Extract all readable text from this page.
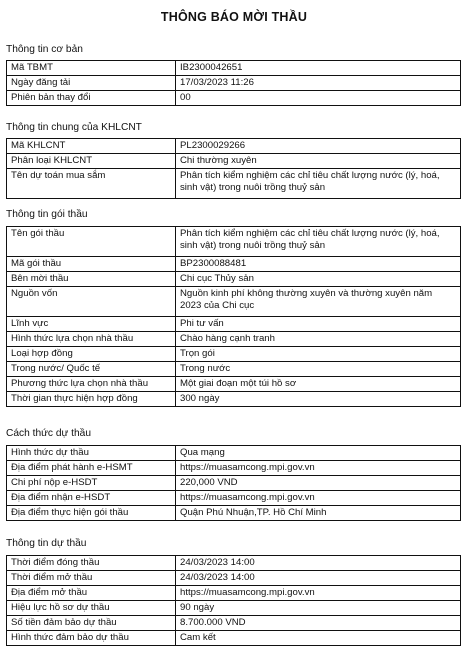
THÔNG BÁO MỜI THẦU
Thông tin cơ bản
Mã TBMT	IB2300042651
Ngày đăng tải	17/03/2023 11:26
Phiên bản thay đổi	00
Thông tin chung của KHLCNT
Mã KHLCNT	PL2300029266
Phân loại KHLCNT	Chi thường xuyên
Tên dự toán mua sắm	Phân tích kiểm nghiệm các chỉ tiêu chất lượng nước (lý, hoá, sinh vật) trong nuôi trồng thuỷ sản
Thông tin gói thầu
Tên gói thầu	Phân tích kiểm nghiệm các chỉ tiêu chất lượng nước (lý, hoá, sinh vật) trong nuôi trồng thuỷ sản
Mã gói thầu	BP2300088481
Bên mời thầu	Chi cục Thủy sản
Nguồn vốn	Nguồn kinh phí không thường xuyên và thường xuyên năm 2023 của Chi cục
Lĩnh vực	Phi tư vấn
Hình thức lựa chọn nhà thầu	Chào hàng cạnh tranh
Loại hợp đồng	Trọn gói
Trong nước/ Quốc tế	Trong nước
Phương thức lựa chọn nhà thầu	Một giai đoạn một túi hồ sơ
Thời gian thực hiện hợp đồng	300 ngày
Cách thức dự thầu
Hình thức dự thầu	Qua mạng
Địa điểm phát hành e-HSMT	https://muasamcong.mpi.gov.vn
Chi phí nộp e-HSDT	220,000 VND
Địa điểm nhận e-HSDT	https://muasamcong.mpi.gov.vn
Địa điểm thực hiện gói thầu	Quận Phú Nhuận,TP. Hồ Chí Minh
Thông tin dự thầu
Thời điểm đóng thầu	24/03/2023 14:00
Thời điểm mở thầu	24/03/2023 14:00
Địa điểm mở thầu	https://muasamcong.mpi.gov.vn
Hiệu lực hồ sơ dự thầu	90 ngày
Số tiền đảm bảo dự thầu	8.700.000 VND
Hình thức đảm bảo dự thầu	Cam kết
